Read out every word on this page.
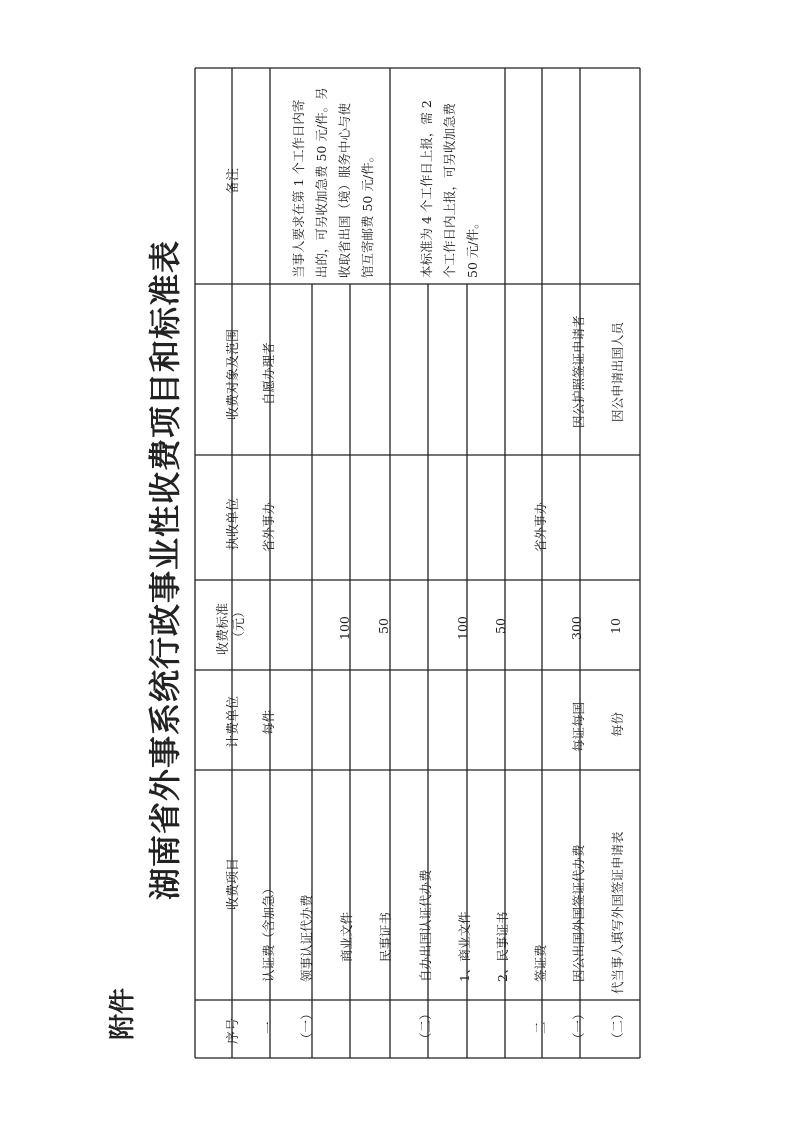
附件
湖南省外事系统行政事业性收费项目和标准表
序号
收费项目
计费单位
收费标准 （元）
执收单位
收费对象及范围
备注
一
认证费（含加急）
每件
省外事办
自愿办理者
（一）
领事认证代办费 商业文件
100
民事证书
50
（二）
自办出国认证代办费 1、商业文件
100
2、民事证书
50
二
签证费
省外事办
（一）
因公出国外国签证代办费
每证每国
300
因公护照签证申请者
（二）
代当事人填写外国签证申请表
每份
10
因公申请出国人员
当事人要求在第 1 个工作日内寄 出的，可另收加急费 50 元/件。另 收取省出国（境）服务中心与使 馆互寄邮费 50 元/件。	本标准为 4 个工作日上报，需 2 个工作日内上报，可另收加急费 50 元/件。
